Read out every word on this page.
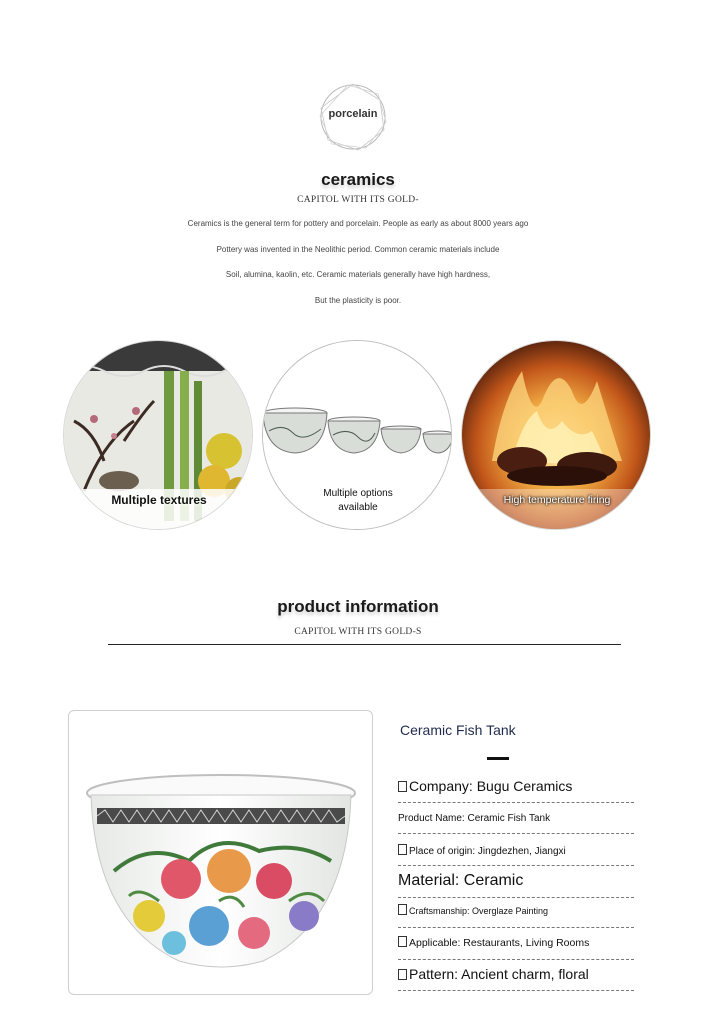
porcelain
ceramics
CAPITOL WITH ITS GOLD-
Ceramics is the general term for pottery and porcelain. People as early as about 8000 years ago
Pottery was invented in the Neolithic period. Common ceramic materials include
Soil, alumina, kaolin, etc. Ceramic materials generally have high hardness,
But the plasticity is poor.
Multiple textures	Multiple options
available
High temperature firing
product information
CAPITOL WITH ITS GOLD-S
Ceramic Fish Tank
Company: Bugu Ceramics
Product Name: Ceramic Fish Tank
Place of origin: Jingdezhen, Jiangxi
Material: Ceramic
Craftsmanship: Overglaze Painting
Applicable: Restaurants, Living Rooms
Pattern: Ancient charm, floral
